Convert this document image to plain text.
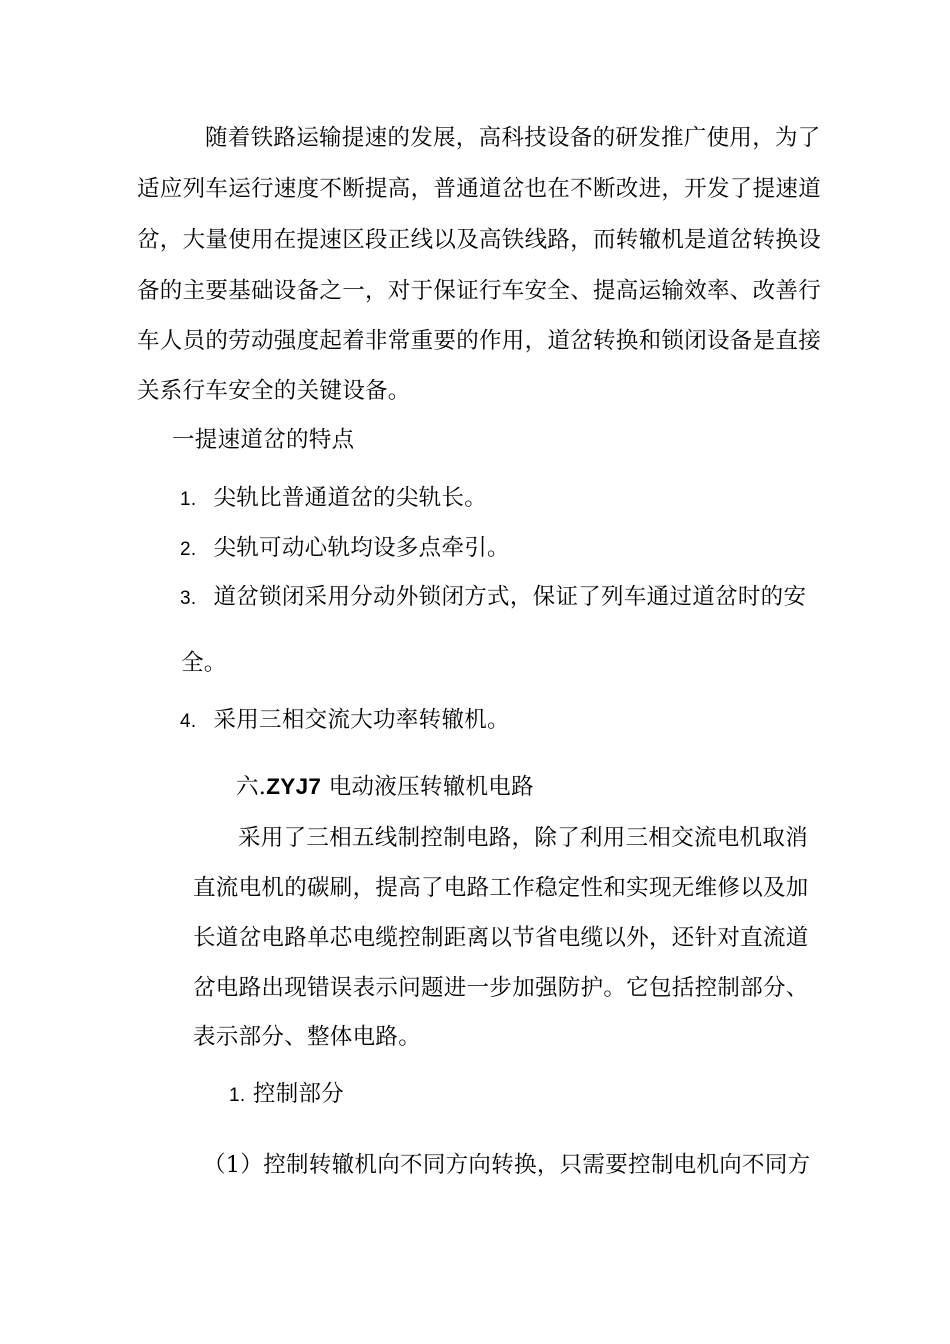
随着铁路运输提速的发展，高科技设备的研发推广使用，为了
适应列车运行速度不断提高，普通道岔也在不断改进，开发了提速道
岔，大量使用在提速区段正线以及高铁线路，而转辙机是道岔转换设
备的主要基础设备之一，对于保证行车安全、提高运输效率、改善行
车人员的劳动强度起着非常重要的作用，道岔转换和锁闭设备是直接
关系行车安全的关键设备。
一提速道岔的特点
1. 尖轨比普通道岔的尖轨长。
2. 尖轨可动心轨均设多点牵引。
3. 道岔锁闭采用分动外锁闭方式，保证了列车通过道岔时的安
全。
4. 采用三相交流大功率转辙机。
六.ZYJ7 电动液压转辙机电路
采用了三相五线制控制电路，除了利用三相交流电机取消
直流电机的碳刷，提高了电路工作稳定性和实现无维修以及加
长道岔电路单芯电缆控制距离以节省电缆以外，还针对直流道
岔电路出现错误表示问题进一步加强防护。它包括控制部分、
表示部分、整体电路。
1. 控制部分
（1）控制转辙机向不同方向转换，只需要控制电机向不同方
